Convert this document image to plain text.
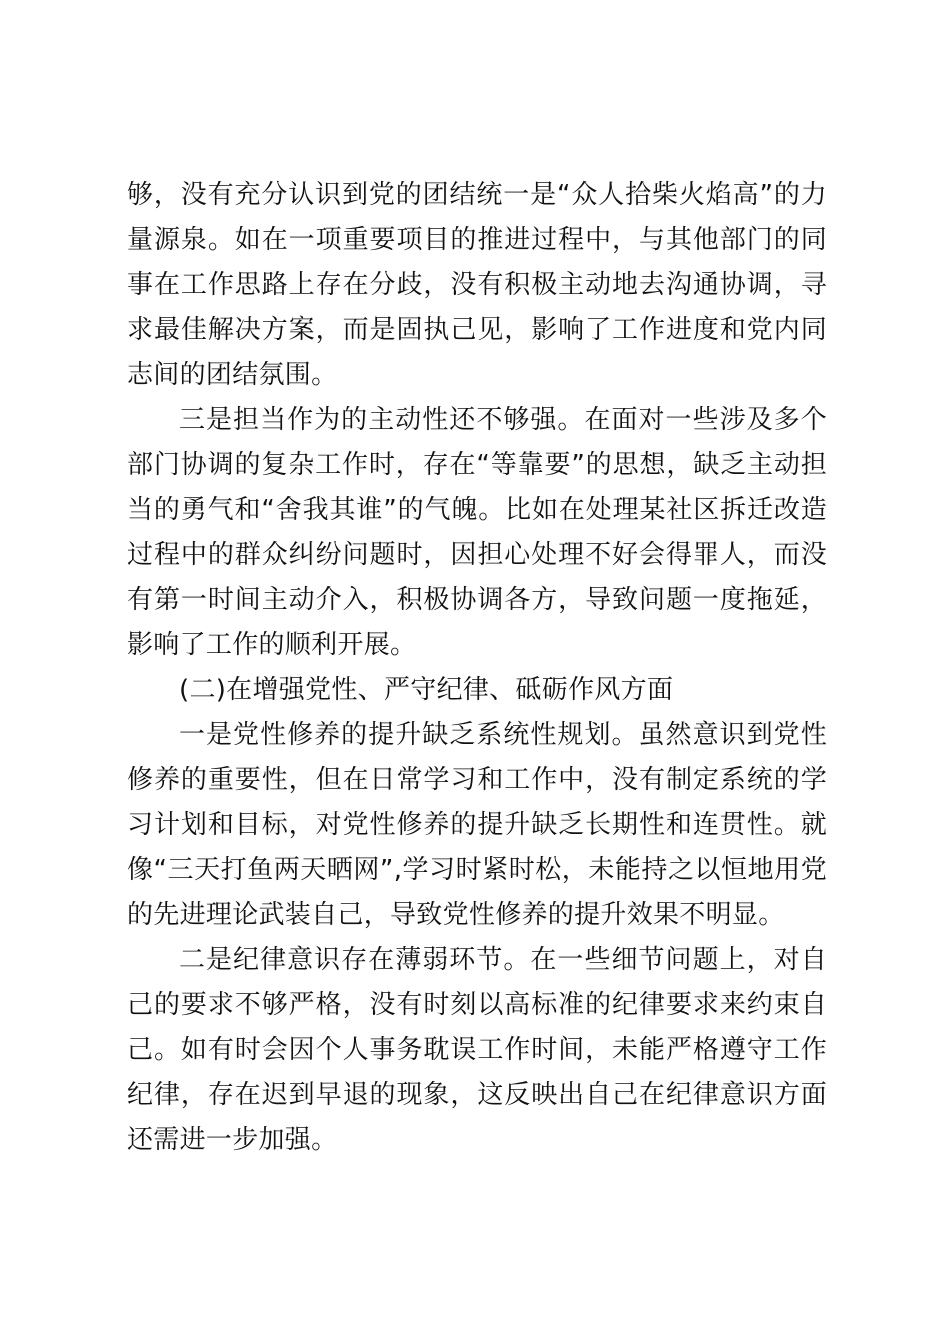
够，没有充分认识到党的团结统一是“众人拾柴火焰高”的力量源泉。如在一项重要项目的推进过程中，与其他部门的同事在工作思路上存在分歧，没有积极主动地去沟通协调，寻求最佳解决方案，而是固执己见，影响了工作进度和党内同志间的团结氛围。

三是担当作为的主动性还不够强。在面对一些涉及多个部门协调的复杂工作时，存在“等靠要”的思想，缺乏主动担当的勇气和“舍我其谁”的气魄。比如在处理某社区拆迁改造过程中的群众纠纷问题时，因担心处理不好会得罪人，而没有第一时间主动介入，积极协调各方，导致问题一度拖延，影响了工作的顺利开展。

(二)在增强党性、严守纪律、砥砺作风方面

一是党性修养的提升缺乏系统性规划。虽然意识到党性修养的重要性，但在日常学习和工作中，没有制定系统的学习计划和目标，对党性修养的提升缺乏长期性和连贯性。就像“三天打鱼两天晒网”,学习时紧时松，未能持之以恒地用党的先进理论武装自己，导致党性修养的提升效果不明显。

二是纪律意识存在薄弱环节。在一些细节问题上，对自己的要求不够严格，没有时刻以高标准的纪律要求来约束自己。如有时会因个人事务耽误工作时间，未能严格遵守工作纪律，存在迟到早退的现象，这反映出自己在纪律意识方面还需进一步加强。
